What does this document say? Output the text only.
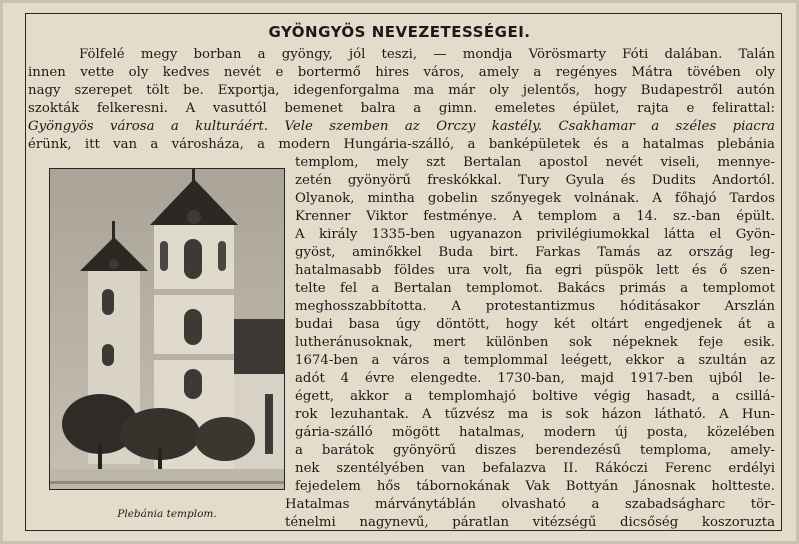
GYÖNGYÖS NEVEZETESSÉGEI.
Fölfelé megy borban a gyöngy, jól teszi, — mondja Vörösmarty Fóti dalában. Talán
innen vette oly kedves nevét e bortermő hires város, amely a regényes Mátra tövében oly
nagy szerepet tölt be. Exportja, idegenforgalma ma már oly jelentős, hogy Budapestről autón
szokták felkeresni. A vasuttól bemenet balra a gimn. emeletes épület, rajta e felirattal:
Gyöngyös városa a kulturáért. Vele szemben az Orczy kastély. Csakhamar a széles piacra
érünk, itt van a városháza, a modern Hungária-szálló, a banképületek és a hatalmas plebánia
templom, mely szt Bertalan apostol nevét viseli, mennye-
zetén gyönyörű freskókkal. Tury Gyula és Dudits Andortól.
Olyanok, mintha gobelin szőnyegek volnának. A főhajó Tardos
Krenner Viktor festménye. A templom a 14. sz.-ban épült.
A király 1335-ben ugyanazon privilégiumokkal látta el Gyön-
gyöst, aminőkkel Buda birt. Farkas Tamás az ország leg-
hatalmasabb földes ura volt, fia egri püspök lett és ő szen-
telte fel a Bertalan templomot. Bakács primás a templomot
meghosszabbította. A protestantizmus hóditásakor Arszlán
budai basa úgy döntött, hogy két oltárt engedjenek át a
lutheránusoknak, mert különben sok népeknek feje esik.
1674-ben a város a templommal leégett, ekkor a szultán az
adót 4 évre elengedte. 1730-ban, majd 1917-ben ujból le-
égett, akkor a templomhajó boltive végig hasadt, a csillá-
rok lezuhantak. A tűzvész ma is sok házon látható. A Hun-
gária-szálló mögött hatalmas, modern új posta, közelében
a barátok gyönyörű diszes berendezésű temploma, amely-
nek szentélyében van befalazva II. Rákóczi Ferenc erdélyi
fejedelem hős tábornokának Vak Bottyán Jánosnak holtteste.
Hatalmas márványtáblán olvasható a szabadságharc tör-
ténelmi nagynevű, páratlan vitézségű dicsőség koszoruzta
Plebánia templom.
